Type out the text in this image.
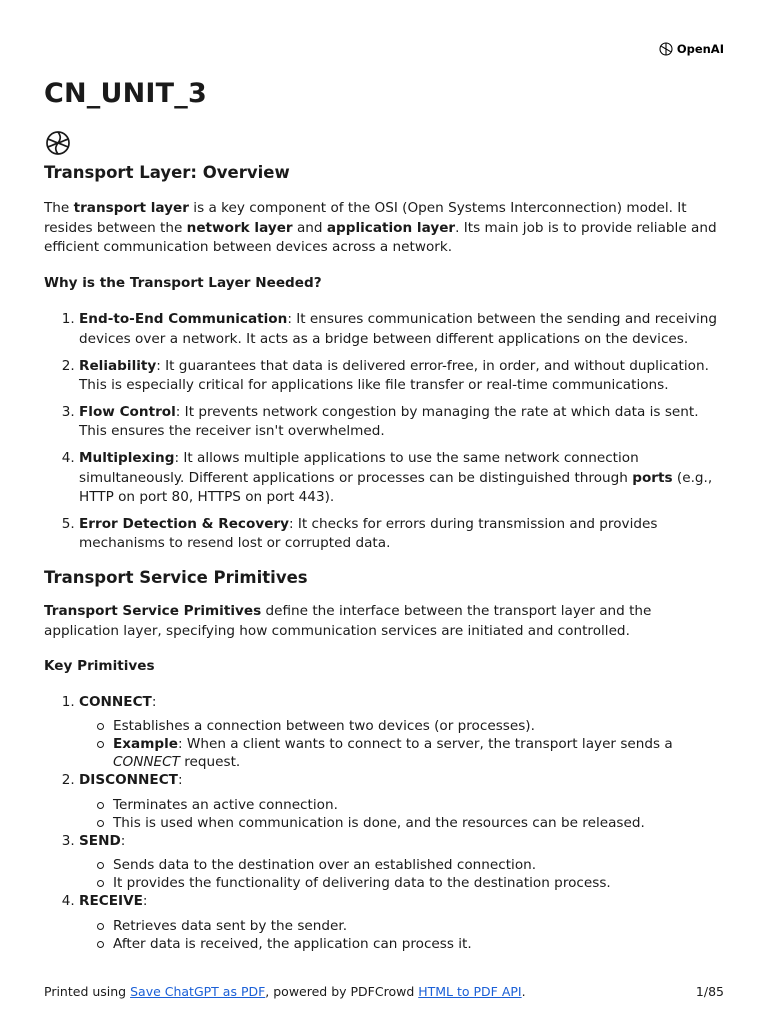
OpenAI
CN_UNIT_3
Transport Layer: Overview

The transport layer is a key component of the OSI (Open Systems Interconnection) model. It resides between the network layer and application layer. Its main job is to provide reliable and efficient communication between devices across a network.

Why is the Transport Layer Needed?

1. End-to-End Communication: It ensures communication between the sending and receiving devices over a network. It acts as a bridge between different applications on the devices.
2. Reliability: It guarantees that data is delivered error-free, in order, and without duplication. This is especially critical for applications like file transfer or real-time communications.
3. Flow Control: It prevents network congestion by managing the rate at which data is sent. This ensures the receiver isn't overwhelmed.
4. Multiplexing: It allows multiple applications to use the same network connection simultaneously. Different applications or processes can be distinguished through ports (e.g., HTTP on port 80, HTTPS on port 443).
5. Error Detection & Recovery: It checks for errors during transmission and provides mechanisms to resend lost or corrupted data.
Transport Service Primitives

Transport Service Primitives define the interface between the transport layer and the application layer, specifying how communication services are initiated and controlled.

Key Primitives

1. CONNECT:
Establishes a connection between two devices (or processes).
Example: When a client wants to connect to a server, the transport layer sends a CONNECT request.
2. DISCONNECT:
Terminates an active connection.
This is used when communication is done, and the resources can be released.
3. SEND:
Sends data to the destination over an established connection.
It provides the functionality of delivering data to the destination process.
4. RECEIVE:
Retrieves data sent by the sender.
After data is received, the application can process it.
Printed using Save ChatGPT as PDF, powered by PDFCrowd HTML to PDF API.	1/85
